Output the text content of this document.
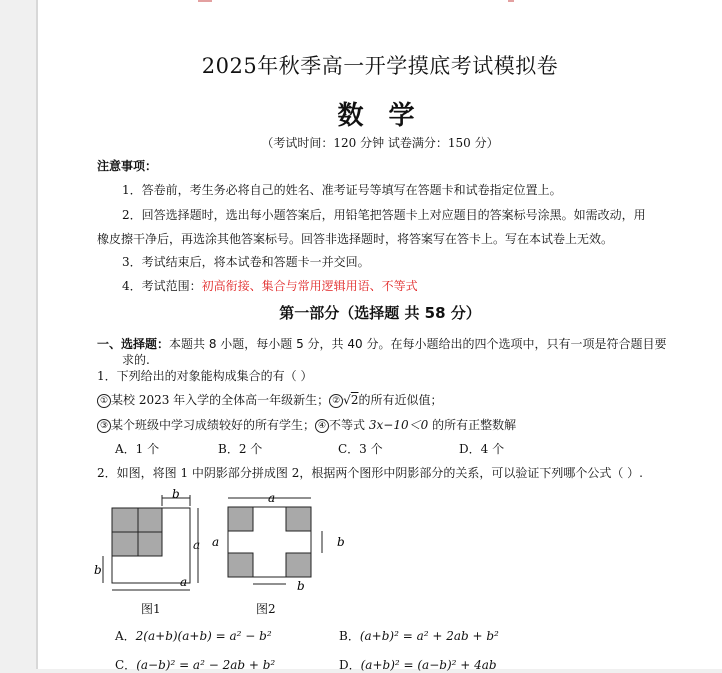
2025年秋季高一开学摸底考试模拟卷
数 学
（考试时间：120 分钟 试卷满分：150 分）
注意事项：
1．答卷前，考生务必将自己的姓名、准考证号等填写在答题卡和试卷指定位置上。
2．回答选择题时，选出每小题答案后，用铅笔把答题卡上对应题目的答案标号涂黑。如需改动，用
橡皮擦干净后，再选涂其他答案标号。回答非选择题时，将答案写在答卡上。写在本试卷上无效。
3．考试结束后，将本试卷和答题卡一并交回。
4．考试范围：初高衔接、集合与常用逻辑用语、不等式
第一部分（选择题 共 58 分）
一、选择题：本题共 8 小题，每小题 5 分，共 40 分。在每小题给出的四个选项中，只有一项是符合题目要
求的.
1．下列给出的对象能构成集合的有（ ）
① 某校 2023 年入学的全体高一年级新生； ② √2的所有近似值；
③ 某个班级中学习成绩较好的所有学生； ④ 不等式 3x−10＜0 的所有正整数解
A．1 个	B．2 个	C．3 个	D．4 个
2．如图，将图 1 中阴影部分拼成图 2，根据两个图形中阴影部分的关系，可以验证下列哪个公式（ ）.
b
a
b
a
图1
a
a	b
b
图2
A．2(a+b)(a+b) = a² − b²	B．(a+b)² = a² + 2ab + b²
C．(a−b)² = a² − 2ab + b²	D．(a+b)² = (a−b)² + 4ab
